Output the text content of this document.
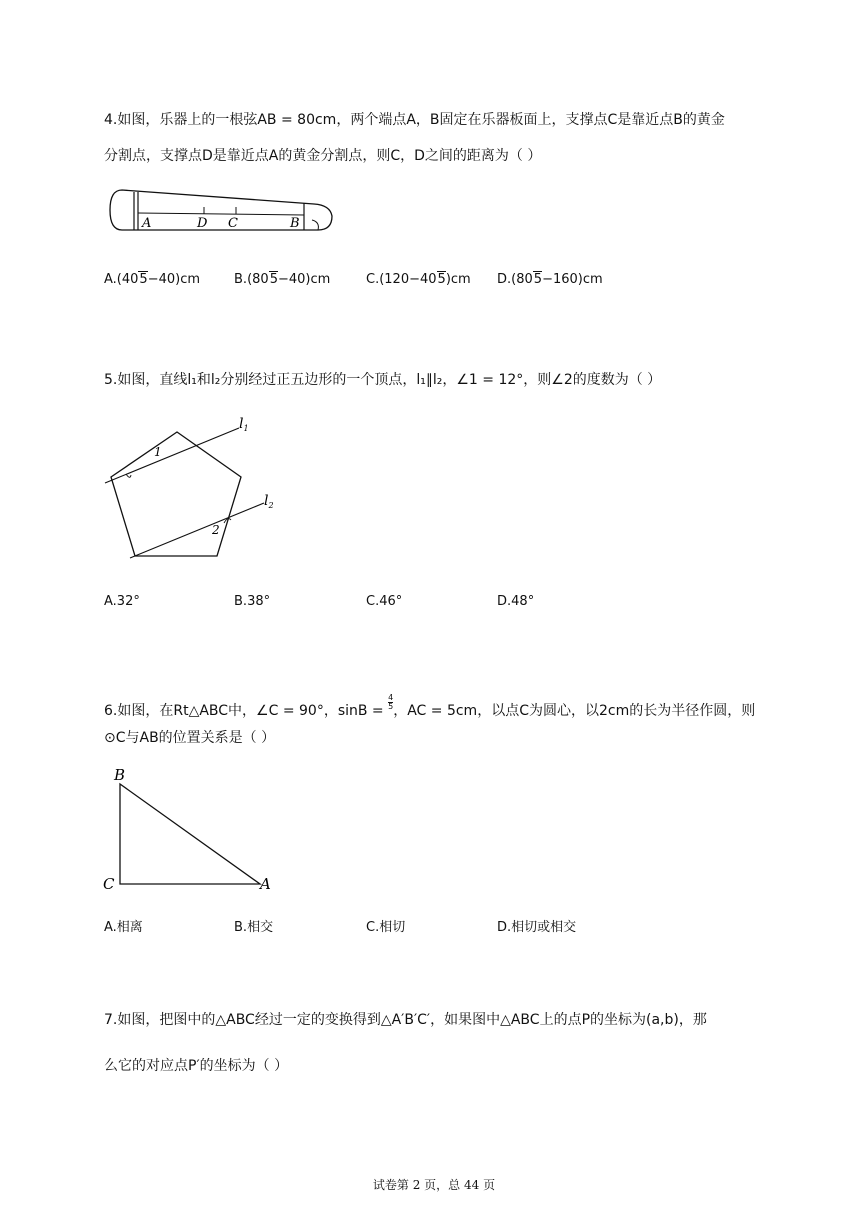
4.如图，乐器上的一根弦AB = 80cm，两个端点A，B固定在乐器板面上，支撑点C是靠近点B的黄金
分割点，支撑点D是靠近点A的黄金分割点，则C，D之间的距离为（ ）
A	D C	B
A.(405−40)cm	B.(805−40)cm	C.(120−405)cm D.(805−160)cm
5.如图，直线l₁和l₂分别经过正五边形的一个顶点，l₁∥l₂，∠1 = 12°，则∠2的度数为（ ）
1
2
$l_1$
$l_2$
A.32°	B.38°	C.46°	D.48°
6.如图，在Rt△ABC中，∠C = 90°，$\sin B = \frac{4}{5}$ ，AC = 5cm，以点C为圆心，以2cm的长为半径作圆，则
⊙C与AB的位置关系是（ ）
B
C	A
A.相离	B.相交	C.相切	D.相切或相交
7.如图，把图中的△ABC经过一定的变换得到△A′B′C′，如果图中△ABC上的点P的坐标为(a,b)，那
么它的对应点P′的坐标为（ ）
试卷第 2 页，总 44 页
